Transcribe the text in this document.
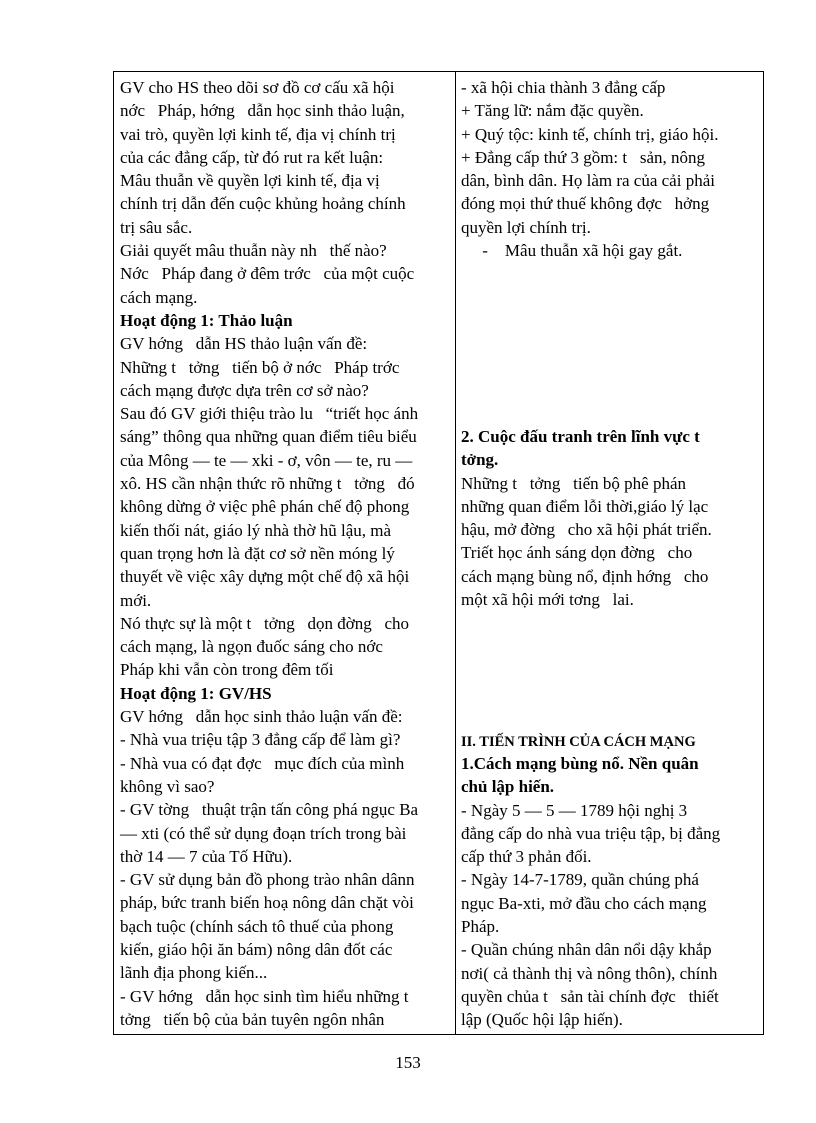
GV cho HS theo dõi sơ đồ cơ cấu xã hội
nớc   Pháp, hớng   dẫn học sinh thảo luận,
vai trò, quyền lợi kinh tế, địa vị chính trị
của các đẳng cấp, từ đó rut ra kết luận:
Mâu thuẫn về quyền lợi kinh tế, địa vị
chính trị dẫn đến cuộc khủng hoảng chính
trị sâu sắc.
Giải quyết mâu thuẫn này nh   thế nào?
Nớc   Pháp đang ở đêm trớc   của một cuộc
cách mạng.
Hoạt động 1: Thảo luận
GV hớng   dẫn HS thảo luận vấn đề:
Những t   tởng   tiến bộ ở nớc   Pháp trớc
cách mạng được dựa trên cơ sở nào?
Sau đó GV giới thiệu trào lu   “triết học ánh
sáng” thông qua những quan điểm tiêu biểu
của Mông — te — xki - ơ, vôn — te, ru —
xô. HS cần nhận thức rõ những t   tởng   đó
không dừng ở việc phê phán chế độ phong
kiến thối nát, giáo lý nhà thờ hũ lậu, mà
quan trọng hơn là đặt cơ sở nền móng lý
thuyết về việc xây dựng một chế độ xã hội
mới.
Nó thực sự là một t   tởng   dọn đờng   cho
cách mạng, là ngọn đuốc sáng cho nớc
Pháp khi vẫn còn trong đêm tối
Hoạt động 1: GV/HS
GV hớng   dẫn học sinh thảo luận vấn đề:
- Nhà vua triệu tập 3 đẳng cấp để làm gì?
- Nhà vua có đạt đợc   mục đích của mình
không vì sao?
- GV tờng   thuật trận tấn công phá ngục Ba
— xti (có thể sử dụng đoạn trích trong bài
thờ 14 — 7 của Tố Hữu).
- GV sử dụng bản đồ phong trào nhân dânn
pháp, bức tranh biến hoạ nông dân chặt vòi
bạch tuộc (chính sách tô thuế của phong
kiến, giáo hội ăn bám) nông dân đốt các
lãnh địa phong kiến...
- GV hớng   dẫn học sinh tìm hiểu những t
tởng   tiến bộ của bản tuyên ngôn nhân
- xã hội chia thành 3 đẳng cấp
+ Tăng lữ: nắm đặc quyền.
+ Quý tộc: kinh tế, chính trị, giáo hội.
+ Đẳng cấp thứ 3 gồm: t   sản, nông
dân, bình dân. Họ làm ra của cải phải
đóng mọi thứ thuế không đợc   hởng
quyền lợi chính trị.
-    Mâu thuẫn xã hội gay gắt.
2. Cuộc đấu tranh trên lĩnh vực t
tởng.
Những t   tởng   tiến bộ phê phán
những quan điểm lỗi thời,giáo lý lạc
hậu, mở đờng   cho xã hội phát triển.
Triết học ánh sáng dọn đờng   cho
cách mạng bùng nổ, định hớng   cho
một xã hội mới tơng   lai.
II. TIẾN TRÌNH CỦA CÁCH MẠNG
1.Cách mạng bùng nổ. Nền quân
chủ lập hiến.
- Ngày 5 — 5 — 1789 hội nghị 3
đẳng cấp do nhà vua triệu tập, bị đẳng
cấp thứ 3 phản đối.
- Ngày 14-7-1789, quần chúng phá
ngục Ba-xti, mở đầu cho cách mạng
Pháp.
- Quần chúng nhân dân nổi dậy khắp
nơi( cả thành thị và nông thôn), chính
quyền chủa t   sản tài chính đợc   thiết
lập (Quốc hội lập hiến).
153
